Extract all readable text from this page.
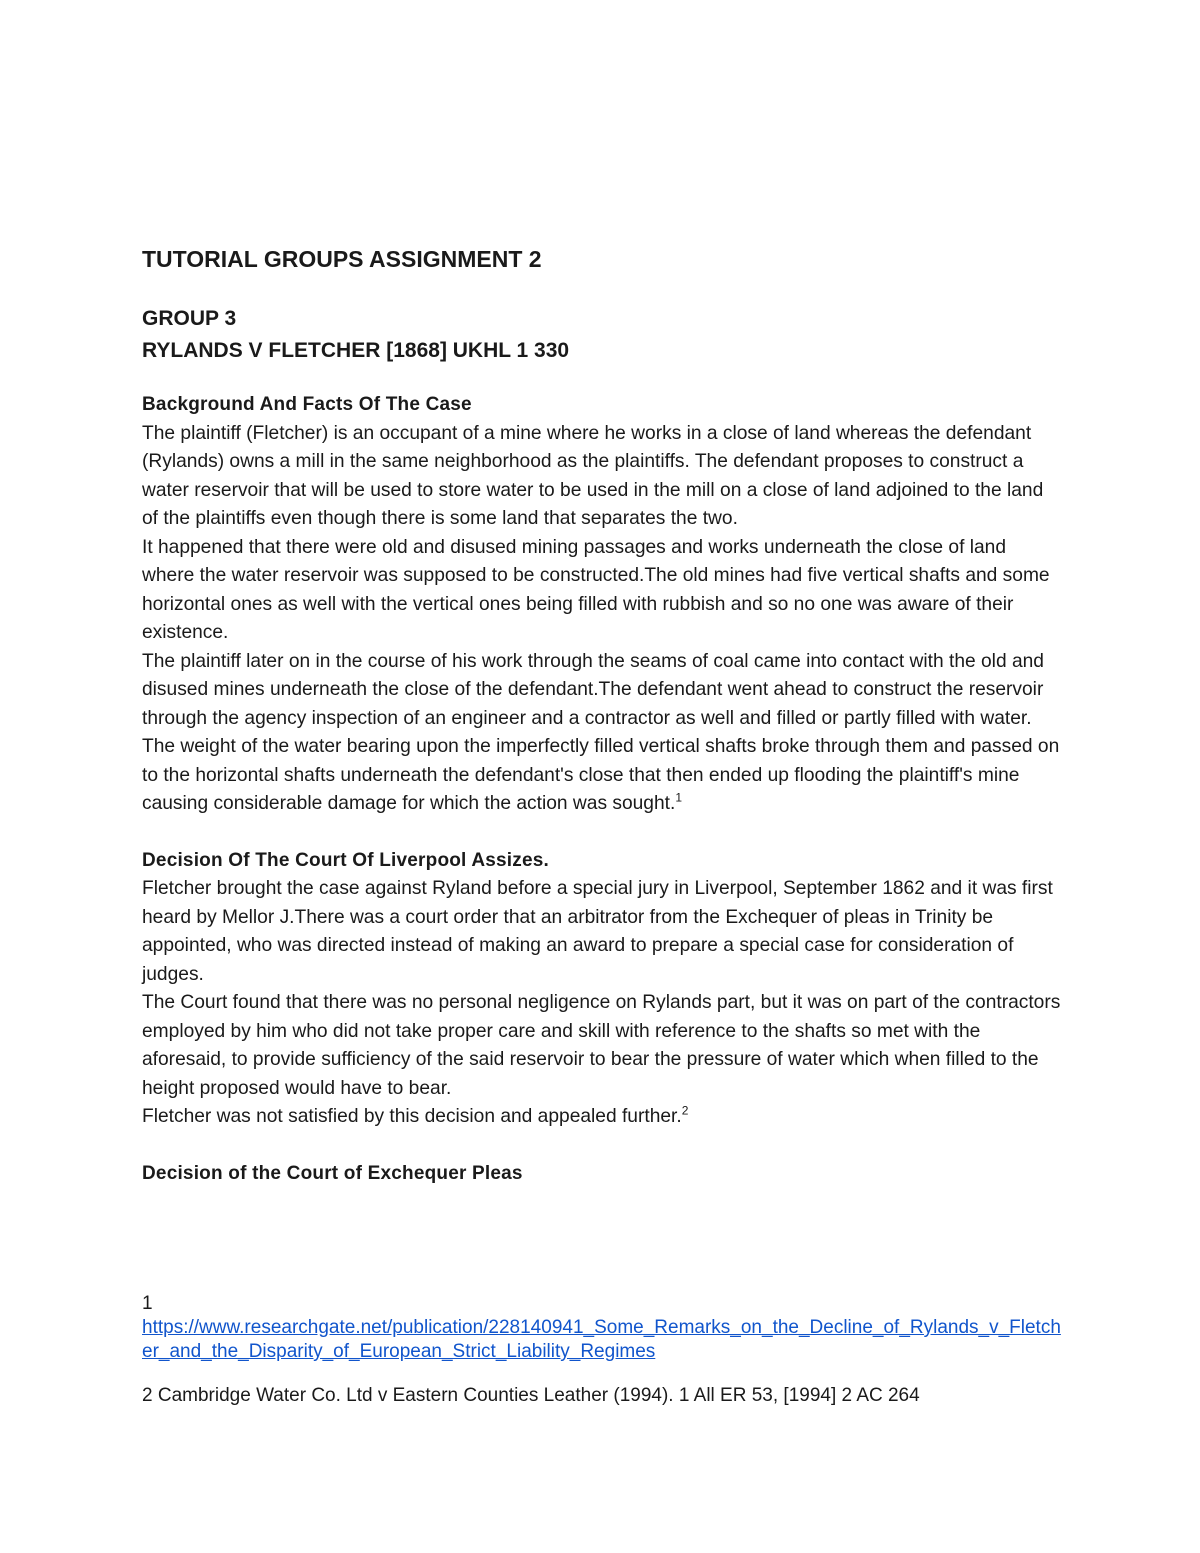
TUTORIAL GROUPS ASSIGNMENT 2

GROUP 3

RYLANDS V FLETCHER [1868] UKHL 1 330

Background And Facts Of The Case

The plaintiff (Fletcher) is an occupant of a mine where he works in a close of land whereas the defendant (Rylands) owns a mill in the same neighborhood as the plaintiffs. The defendant proposes to construct a water reservoir that will be used to store water to be used in the mill on a close of land adjoined to the land of the plaintiffs even though there is some land that separates the two.

It happened that there were old and disused mining passages and works underneath the close of land where the water reservoir was supposed to be constructed.The old mines had five vertical shafts and some horizontal ones as well with the vertical ones being filled with rubbish and so no one was aware of their existence.

The plaintiff later on in the course of his work through the seams of coal came into contact with the old and disused mines underneath the close of the defendant.The defendant went ahead to construct the reservoir through the agency inspection of an engineer and a contractor as well and filled or partly filled with water. The weight of the water bearing upon the imperfectly filled vertical shafts broke through them and passed on to the horizontal shafts underneath the defendant's close that then ended up flooding the plaintiff's mine causing considerable damage for which the action was sought.$^1$

Decision Of The Court Of Liverpool Assizes.

Fletcher brought the case against Ryland before a special jury in Liverpool, September 1862 and it was first heard by Mellor J.There was a court order that an arbitrator from the Exchequer of pleas in Trinity be appointed, who was directed instead of making an award to prepare a special case for consideration of judges.

The Court found that there was no personal negligence on Rylands part, but it was on part of the contractors employed by him who did not take proper care and skill with reference to the shafts so met with the aforesaid, to provide sufficiency of the said reservoir to bear the pressure of water which when filled to the height proposed would have to bear.

Fletcher was not satisfied by this decision and appealed further.$^2$

Decision of the Court of Exchequer Pleas

1

https://www.researchgate.net/publication/228140941_Some_Remarks_on_the_Decline_of_Rylands_v_Fletcher_and_the_Disparity_of_European_Strict_Liability_Regimes
2 Cambridge Water Co. Ltd v Eastern Counties Leather (1994). 1 All ER 53, [1994] 2 AC 264
